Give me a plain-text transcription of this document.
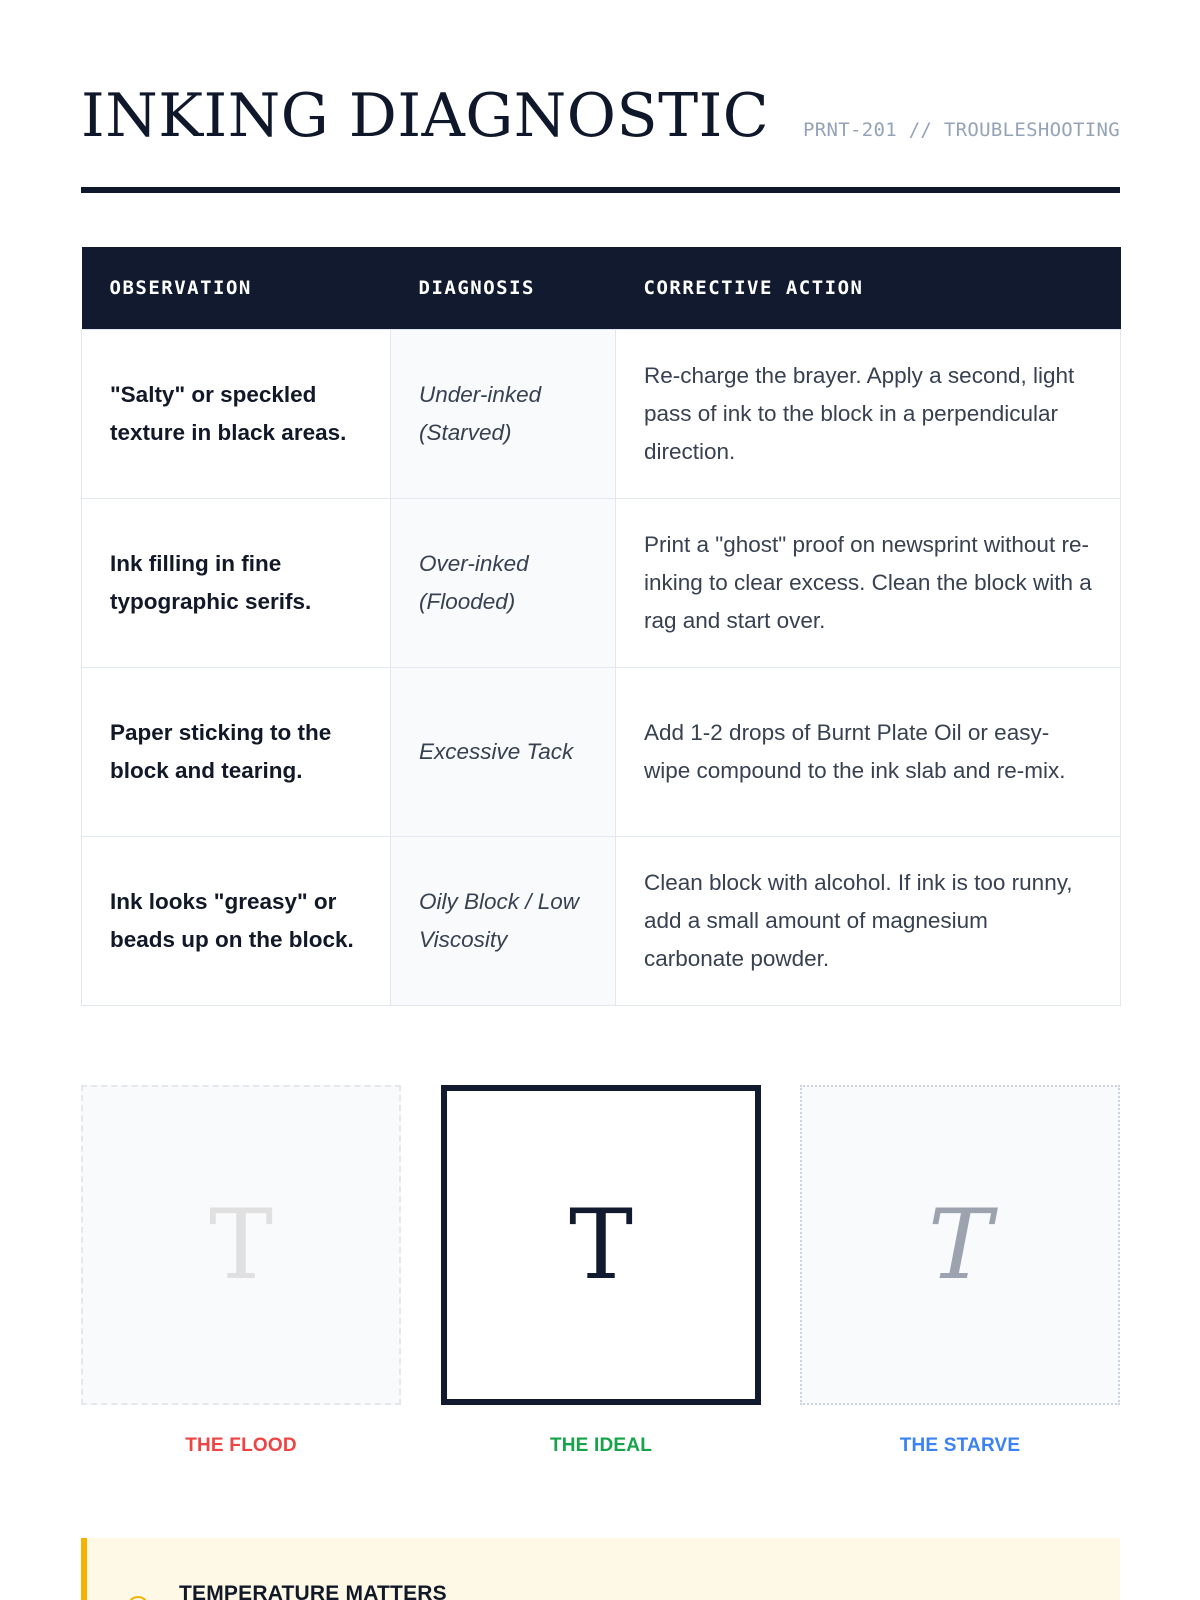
INKING DIAGNOSTIC PRNT-201 // TROUBLESHOOTING
OBSERVATION	DIAGNOSIS	CORRECTIVE ACTION
"Salty" or speckled texture in black areas.	Under-inked (Starved)	Re-charge the brayer. Apply a second, light pass of ink to the block in a perpendicular direction.
Ink filling in fine typographic serifs.	Over-inked (Flooded)	Print a "ghost" proof on newsprint without re-inking to clear excess. Clean the block with a rag and start over.
Paper sticking to the block and tearing.	Excessive Tack	Add 1-2 drops of Burnt Plate Oil or easy-wipe compound to the ink slab and re-mix.
Ink looks "greasy" or beads up on the block.	Oily Block / Low Viscosity	Clean block with alcohol. If ink is too runny, add a small amount of magnesium carbonate powder.
T
THE FLOOD
T
THE IDEAL
T
THE STARVE
TEMPERATURE MATTERS
